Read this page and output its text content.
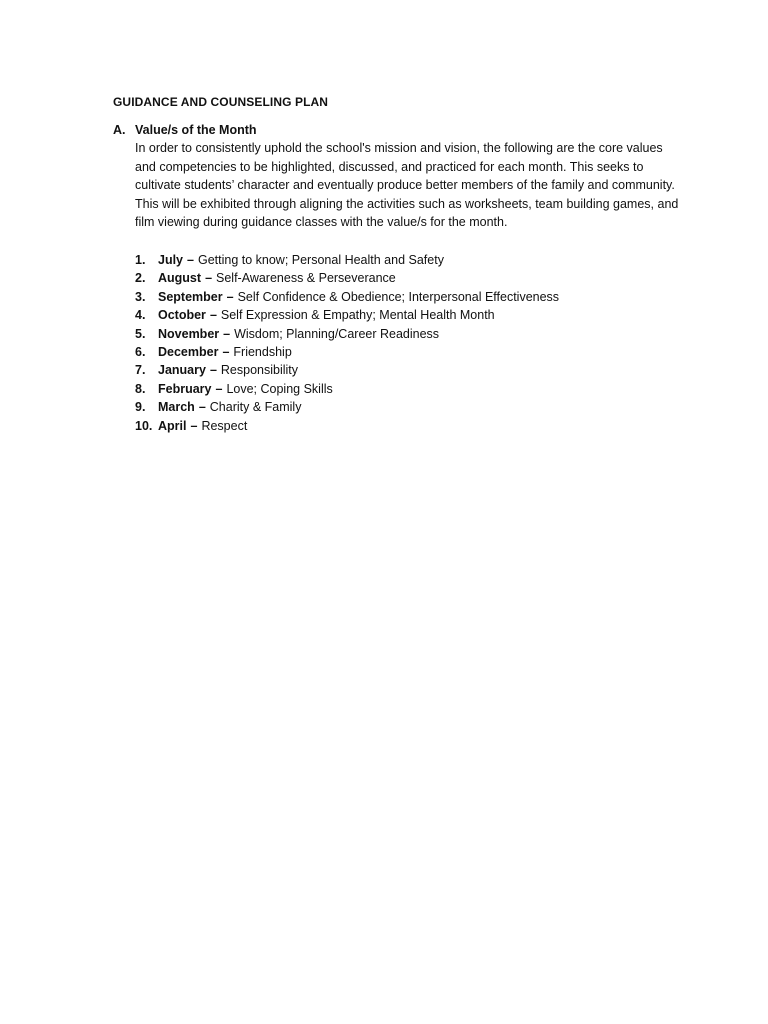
GUIDANCE AND COUNSELING PLAN
A. Value/s of the Month
In order to consistently uphold the school's mission and vision, the following are the core values and competencies to be highlighted, discussed, and practiced for each month. This seeks to cultivate students’ character and eventually produce better members of the family and community. This will be exhibited through aligning the activities such as worksheets, team building games, and film viewing during guidance classes with the value/s for the month.
1.	July – Getting to know; Personal Health and Safety
2.	August – Self-Awareness & Perseverance
3.	September – Self Confidence & Obedience; Interpersonal Effectiveness
4.	October – Self Expression & Empathy; Mental Health Month
5.	November – Wisdom; Planning/Career Readiness
6.	December – Friendship
7.	January – Responsibility
8.	February – Love; Coping Skills
9.	March – Charity & Family
10. April – Respect
